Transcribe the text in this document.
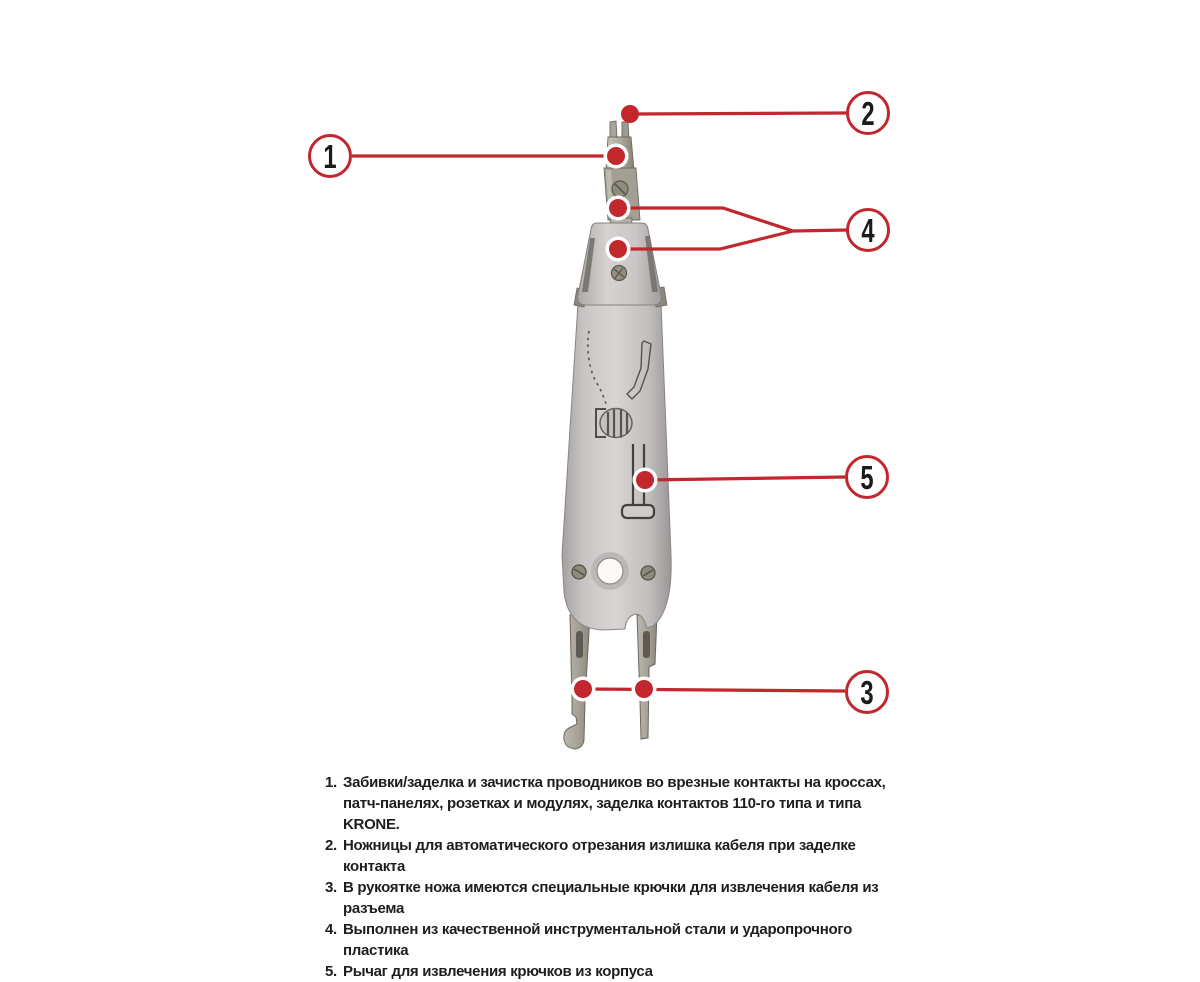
1
2
4
5
3
1. Забивки/заделка и зачистка проводников во врезные контакты на кроссах, патч-панелях, розетках и модулях, заделка контактов 110-го типа и типа KRONE.
2. Ножницы для автоматического отрезания излишка кабеля при заделке контакта
3. В рукоятке ножа имеются специальные крючки для извлечения кабеля из разъема
4. Выполнен из качественной инструментальной стали и ударопрочного пластика
5. Рычаг для извлечения крючков из корпуса
